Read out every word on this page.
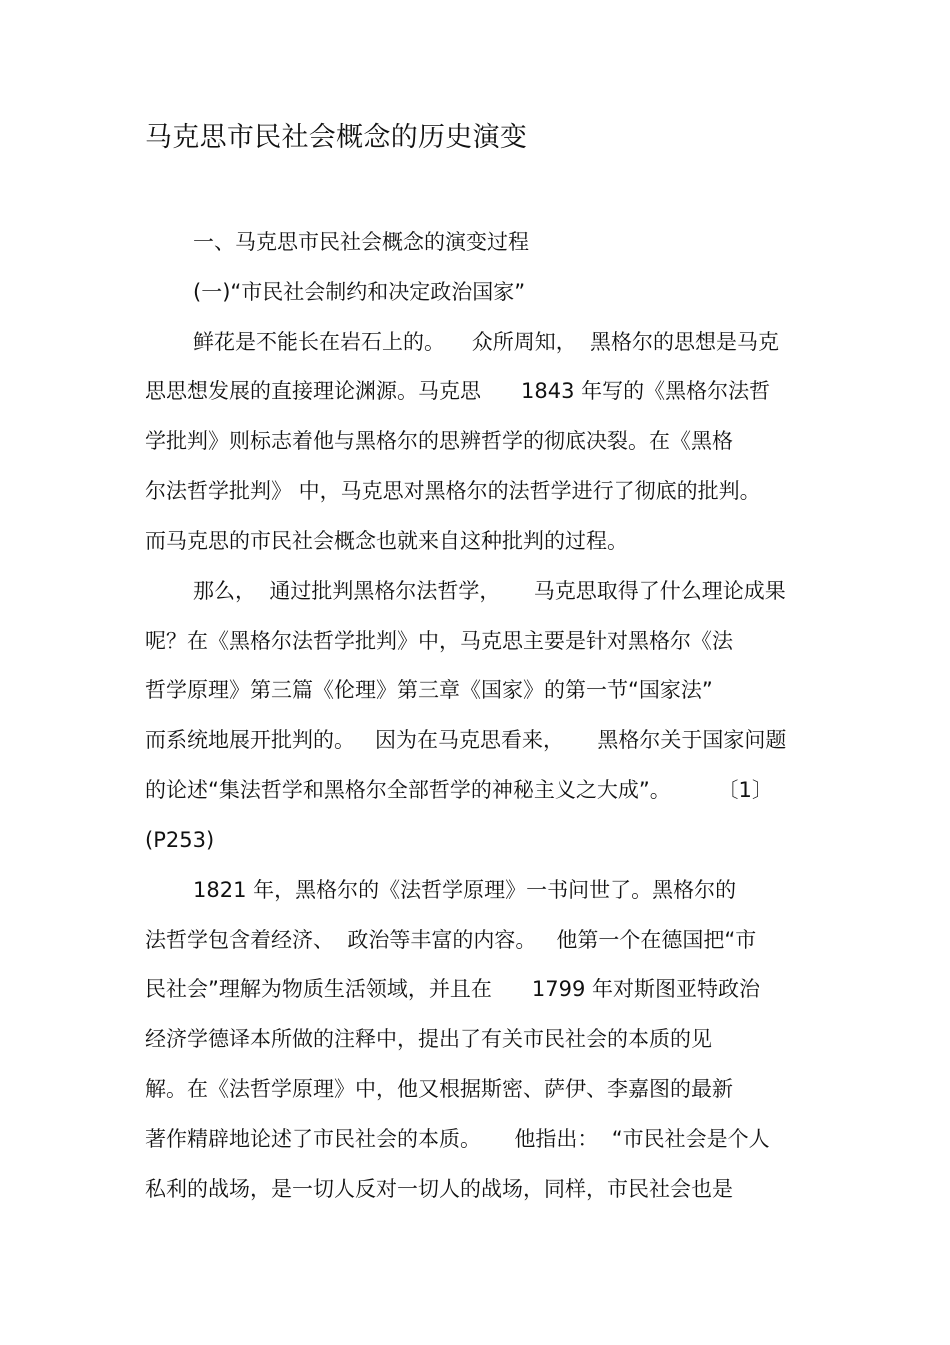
马克思市民社会概念的历史演变
一、马克思市民社会概念的演变过程
(一)“市民社会制约和决定政治国家”
鲜花是不能长在岩石上的。    众所周知，  黑格尔的思想是马克
思思想发展的直接理论渊源。马克思      1843 年写的《黑格尔法哲
学批判》则标志着他与黑格尔的思辨哲学的彻底决裂。在《黑格
尔法哲学批判》 中，马克思对黑格尔的法哲学进行了彻底的批判。
而马克思的市民社会概念也就来自这种批判的过程。
那么，  通过批判黑格尔法哲学，     马克思取得了什么理论成果
呢？在《黑格尔法哲学批判》中，马克思主要是针对黑格尔《法
哲学原理》第三篇《伦理》第三章《国家》的第一节“国家法”
而系统地展开批判的。   因为在马克思看来，     黑格尔关于国家问题
的论述“集法哲学和黑格尔全部哲学的神秘主义之大成”。       〔1〕
(P253)
1821 年，黑格尔的《法哲学原理》一书问世了。黑格尔的
法哲学包含着经济、  政治等丰富的内容。   他第一个在德国把“市
民社会”理解为物质生活领域，并且在      1799 年对斯图亚特政治
经济学德译本所做的注释中，提出了有关市民社会的本质的见
解。在《法哲学原理》中，他又根据斯密、萨伊、李嘉图的最新
著作精辟地论述了市民社会的本质。     他指出：  “市民社会是个人
私利的战场，是一切人反对一切人的战场，同样，市民社会也是
